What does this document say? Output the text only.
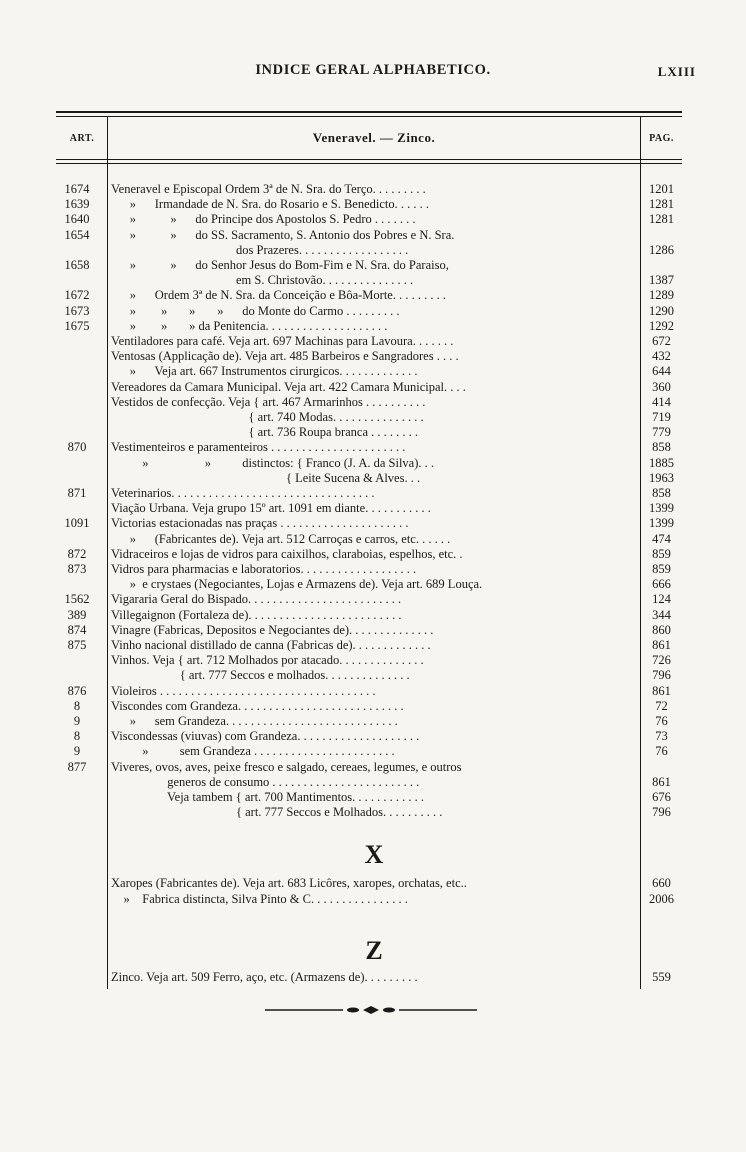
INDICE GERAL ALPHABETICO.	LXIII
ART.	Veneravel. — Zinco.	PAG.
1674	Veneravel e Episcopal Ordem 3ª de N. Sra. do Terço. . . . . . . . .	1201
1639	»      Irmandade de N. Sra. do Rosario e S. Benedicto. . . . . .	1281
1640	»           »      do Principe dos Apostolos S. Pedro . . . . . . .	1281
1654	»           »      do SS. Sacramento, S. Antonio dos Pobres e N. Sra.
dos Prazeres. . . . . . . . . . . . . . . . . .	1286
1658	»           »      do Senhor Jesus do Bom-Fim e N. Sra. do Paraiso,
em S. Christovão. . . . . . . . . . . . . . .	1387
1672	»      Ordem 3ª de N. Sra. da Conceição e Bôa-Morte. . . . . . . . .	1289
1673	»        »       »       »      do Monte do Carmo . . . . . . . . .	1290
1675	»        »       » da Penitencia. . . . . . . . . . . . . . . . . . . .	1292
Ventiladores para café. Veja art. 697 Machinas para Lavoura. . . . . . .	672
Ventosas (Applicação de). Veja art. 485 Barbeiros e Sangradores . . . .	432
»      Veja art. 667 Instrumentos cirurgicos. . . . . . . . . . . . .	644
Vereadores da Camara Municipal. Veja art. 422 Camara Municipal. . . .	360
Vestidos de confecção. Veja { art. 467 Armarinhos . . . . . . . . . .	414
{ art. 740 Modas. . . . . . . . . . . . . . .	719
{ art. 736 Roupa branca . . . . . . . .	779
870	Vestimenteiros e paramenteiros . . . . . . . . . . . . . . . . . . . . . .	858
»                  »          distinctos: { Franco (J. A. da Silva). . .	1885
{ Leite Sucena & Alves. . .	1963
871	Veterinarios. . . . . . . . . . . . . . . . . . . . . . . . . . . . . . . . .	858
Viação Urbana. Veja grupo 15º art. 1091 em diante. . . . . . . . . . .	1399
1091	Victorias estacionadas nas praças . . . . . . . . . . . . . . . . . . . . .	1399
»      (Fabricantes de). Veja art. 512 Carroças e carros, etc. . . . . .	474
872	Vidraceiros e lojas de vidros para caixilhos, claraboias, espelhos, etc. .	859
873	Vidros para pharmacias e laboratorios. . . . . . . . . . . . . . . . . . .	859
»  e crystaes (Negociantes, Lojas e Armazens de). Veja art. 689 Louça.	666
1562	Vigararia Geral do Bispado. . . . . . . . . . . . . . . . . . . . . . . . .	124
389	Villegaignon (Fortaleza de). . . . . . . . . . . . . . . . . . . . . . . . .	344
874	Vinagre (Fabricas, Depositos e Negociantes de). . . . . . . . . . . . . .	860
875	Vinho nacional distillado de canna (Fabricas de). . . . . . . . . . . . .	861
Vinhos. Veja { art. 712 Molhados por atacado. . . . . . . . . . . . . .	726
{ art. 777 Seccos e molhados. . . . . . . . . . . . . .	796
876	Violeiros . . . . . . . . . . . . . . . . . . . . . . . . . . . . . . . . . . .	861
8	Viscondes com Grandeza. . . . . . . . . . . . . . . . . . . . . . . . . . .	72
9	»      sem Grandeza. . . . . . . . . . . . . . . . . . . . . . . . . . . .	76
8	Viscondessas (viuvas) com Grandeza. . . . . . . . . . . . . . . . . . . .	73
9	»          sem Grandeza . . . . . . . . . . . . . . . . . . . . . . .	76
877	Viveres, ovos, aves, peixe fresco e salgado, cereaes, legumes, e outros
generos de consumo . . . . . . . . . . . . . . . . . . . . . . . .	861
Veja tambem { art. 700 Mantimentos. . . . . . . . . . . .	676
{ art. 777 Seccos e Molhados. . . . . . . . . .	796
X
Xaropes (Fabricantes de). Veja art. 683 Licôres, xaropes, orchatas, etc..	660
»    Fabrica distincta, Silva Pinto & C. . . . . . . . . . . . . . . .	2006
Z
Zinco. Veja art. 509 Ferro, aço, etc. (Armazens de). . . . . . . . .	559
